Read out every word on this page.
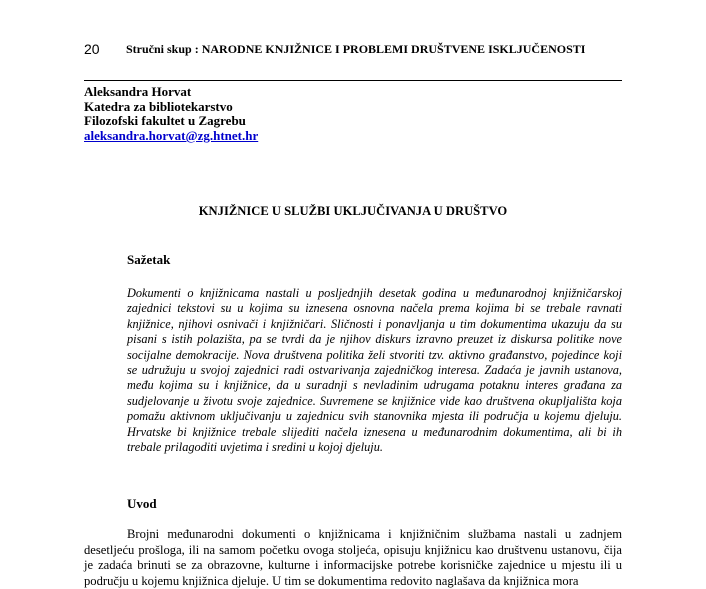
20 Stručni skup : NARODNE KNJIŽNICE I PROBLEMI DRUŠTVENE ISKLJUČENOSTI
Aleksandra Horvat
Katedra za bibliotekarstvo
Filozofski fakultet u Zagrebu
aleksandra.horvat@zg.htnet.hr
KNJIŽNICE U SLUŽBI UKLJUČIVANJA U DRUŠTVO
Sažetak

Dokumenti o knjižnicama nastali u posljednjih desetak godina u međunarodnoj knjižničarskoj zajednici tekstovi su u kojima su iznesena osnovna načela prema kojima bi se trebale ravnati knjižnice, njihovi osnivači i knjižničari. Sličnosti i ponavljanja u tim dokumentima ukazuju da su pisani s istih polazišta, pa se tvrdi da je njihov diskurs izravno preuzet iz diskursa politike nove socijalne demokracije. Nova društvena politika želi stvoriti tzv. aktivno građanstvo, pojedince koji se udružuju u svojoj zajednici radi ostvarivanja zajedničkog interesa. Zadaća je javnih ustanova, među kojima su i knjižnice, da u suradnji s nevladinim udrugama potaknu interes građana za sudjelovanje u životu svoje zajednice. Suvremene se knjižnice vide kao društvena okupljališta koja pomažu aktivnom uključivanju u zajednicu svih stanovnika mjesta ili područja u kojemu djeluju. Hrvatske bi knjižnice trebale slijediti načela iznesena u međunarodnim dokumentima, ali bi ih trebale prilagoditi uvjetima i sredini u kojoj djeluju.

Uvod

Brojni međunarodni dokumenti o knjižnicama i knjižničnim službama nastali u zadnjem desetljeću prošloga, ili na samom početku ovoga stoljeća, opisuju knjižnicu kao društvenu ustanovu, čija je zadaća brinuti se za obrazovne, kulturne i informacijske potrebe korisničke zajednice u mjestu ili u području u kojemu knjižnica djeluje. U tim se dokumentima redovito naglašava da knjižnica mora
